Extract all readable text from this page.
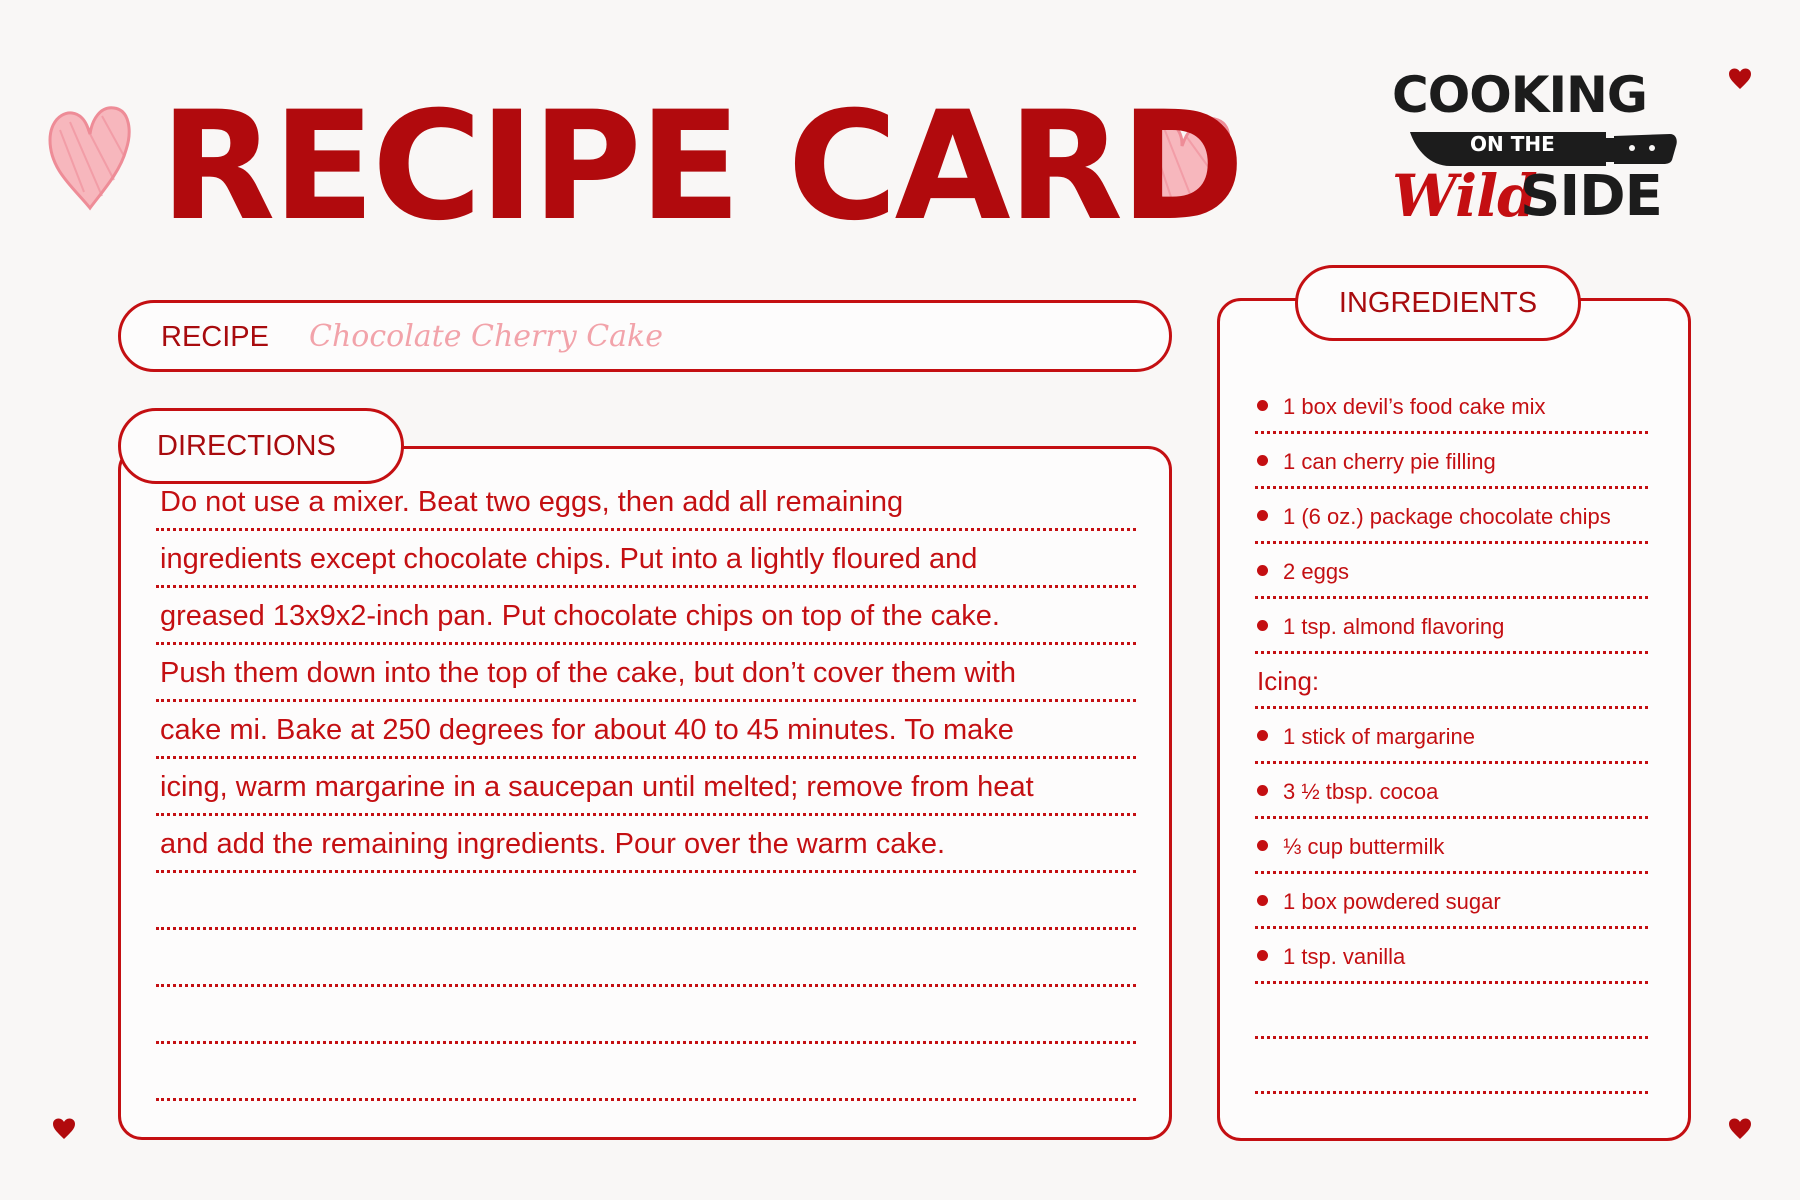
RECIPE CARD	COOKING

ON THE

Wild

SIDE

RECIPE Chocolate Cherry Cake
DIRECTIONS
Do not use a mixer. Beat two eggs, then add all remaining
ingredients except chocolate chips. Put into a lightly floured and
greased 13x9x2-inch pan. Put chocolate chips on top of the cake.
Push them down into the top of the cake, but don’t cover them with
cake mi. Bake at 250 degrees for about 40 to 45 minutes. To make
icing, warm margarine in a saucepan until melted; remove from heat
and add the remaining ingredients. Pour over the warm cake.
INGREDIENTS
1 box devil’s food cake mix
1 can cherry pie filling
1 (6 oz.) package chocolate chips
2 eggs
1 tsp. almond flavoring
Icing:
1 stick of margarine
3 ½ tbsp. cocoa
⅓ cup buttermilk
1 box powdered sugar
1 tsp. vanilla
